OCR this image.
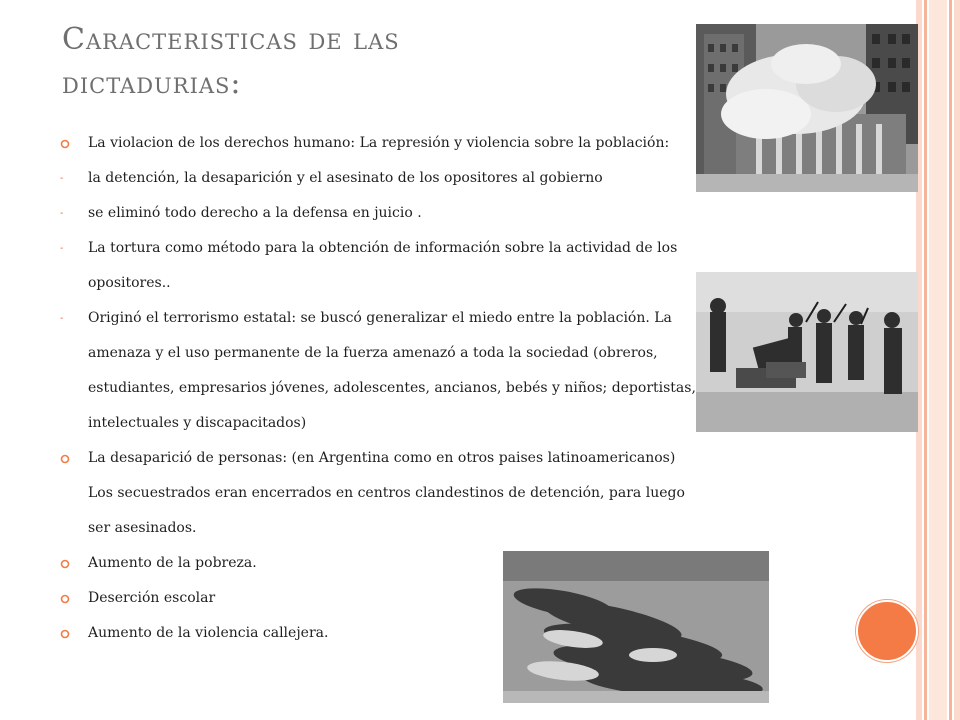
Caracteristicas de las
dictadurias:
La violacion de los derechos humano: La represión y violencia sobre la población:
- la detención, la desaparición y el asesinato de los opositores al gobierno
- se eliminó todo derecho a la defensa en juicio .
- La tortura como método para la obtención de información sobre la actividad de los opositores..
- Originó el terrorismo estatal: se buscó generalizar el miedo entre la población. La amenaza y el uso permanente de la fuerza amenazó a toda la sociedad (obreros, estudiantes, empresarios jóvenes, adolescentes, ancianos, bebés y niños; deportistas, intelectuales y discapacitados)
La desaparició de personas: (en Argentina como en otros paises latinoamericanos) Los secuestrados eran encerrados en centros clandestinos de detención, para luego ser asesinados.
Aumento de la pobreza.
Deserción escolar
Aumento de la violencia callejera.
